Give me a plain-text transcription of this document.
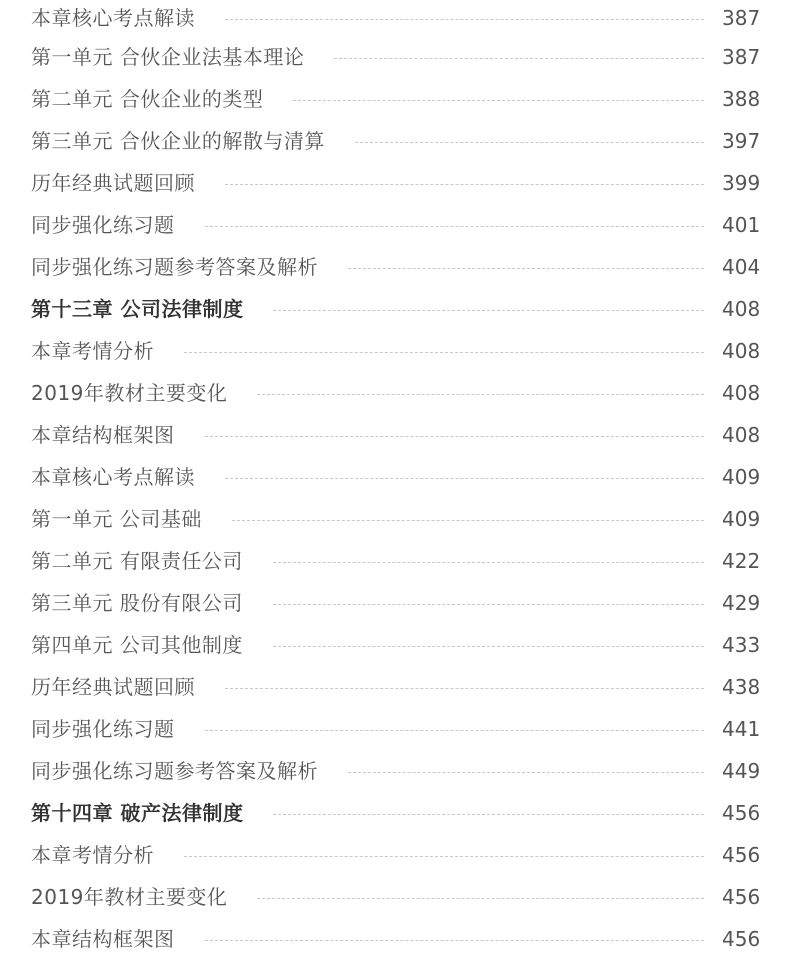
本章核心考点解读	387
第一单元 合伙企业法基本理论	387
第二单元 合伙企业的类型	388
第三单元 合伙企业的解散与清算	397
历年经典试题回顾	399
同步强化练习题	401
同步强化练习题参考答案及解析	404
第十三章 公司法律制度	408
本章考情分析	408
2019年教材主要变化	408
本章结构框架图	408
本章核心考点解读	409
第一单元 公司基础	409
第二单元 有限责任公司	422
第三单元 股份有限公司	429
第四单元 公司其他制度	433
历年经典试题回顾	438
同步强化练习题	441
同步强化练习题参考答案及解析	449
第十四章 破产法律制度	456
本章考情分析	456
2019年教材主要变化	456
本章结构框架图	456
